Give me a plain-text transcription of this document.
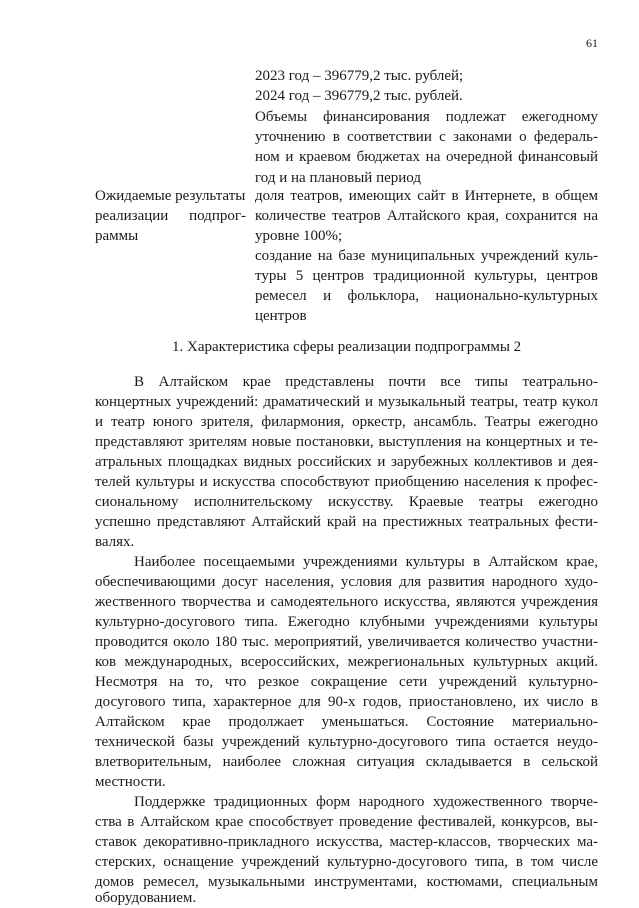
61
2023 год – 396779,2 тыс. рублей;
2024 год – 396779,2 тыс. рублей.
Объемы финансирования подлежат ежегодному
уточнению в соответствии с законами о федераль-
ном и краевом бюджетах на очередной финансовый
год и на плановый период
Ожидаемые результаты
реализации подпрог-
раммы
доля театров, имеющих сайт в Интернете, в общем
количестве театров Алтайского края, сохранится на
уровне 100%;
создание на базе муниципальных учреждений куль-
туры 5 центров традиционной культуры, центров
ремесел и фольклора, национально-культурных
центров
1. Характеристика сферы реализации подпрограммы 2
В Алтайском крае представлены почти все типы театрально-
концертных учреждений: драматический и музыкальный театры, театр кукол
и театр юного зрителя, филармония, оркестр, ансамбль. Театры ежегодно
представляют зрителям новые постановки, выступления на концертных и те-
атральных площадках видных российских и зарубежных коллективов и дея-
телей культуры и искусства способствуют приобщению населения к профес-
сиональному исполнительскому искусству. Краевые театры ежегодно
успешно представляют Алтайский край на престижных театральных фести-
валях.
Наиболее посещаемыми учреждениями культуры в Алтайском крае,
обеспечивающими досуг населения, условия для развития народного худо-
жественного творчества и самодеятельного искусства, являются учреждения
культурно-досугового типа. Ежегодно клубными учреждениями культуры
проводится около 180 тыс. мероприятий, увеличивается количество участни-
ков международных, всероссийских, межрегиональных культурных акций.
Несмотря на то, что резкое сокращение сети учреждений культурно-
досугового типа, характерное для 90-х годов, приостановлено, их число в
Алтайском крае продолжает уменьшаться. Состояние материально-
технической базы учреждений культурно-досугового типа остается неудо-
влетворительным, наиболее сложная ситуация складывается в сельской
местности.
Поддержке традиционных форм народного художественного творче-
ства в Алтайском крае способствует проведение фестивалей, конкурсов, вы-
ставок декоративно-прикладного искусства, мастер-классов, творческих ма-
стерских, оснащение учреждений культурно-досугового типа, в том числе
домов ремесел, музыкальными инструментами, костюмами, специальным
оборудованием.
